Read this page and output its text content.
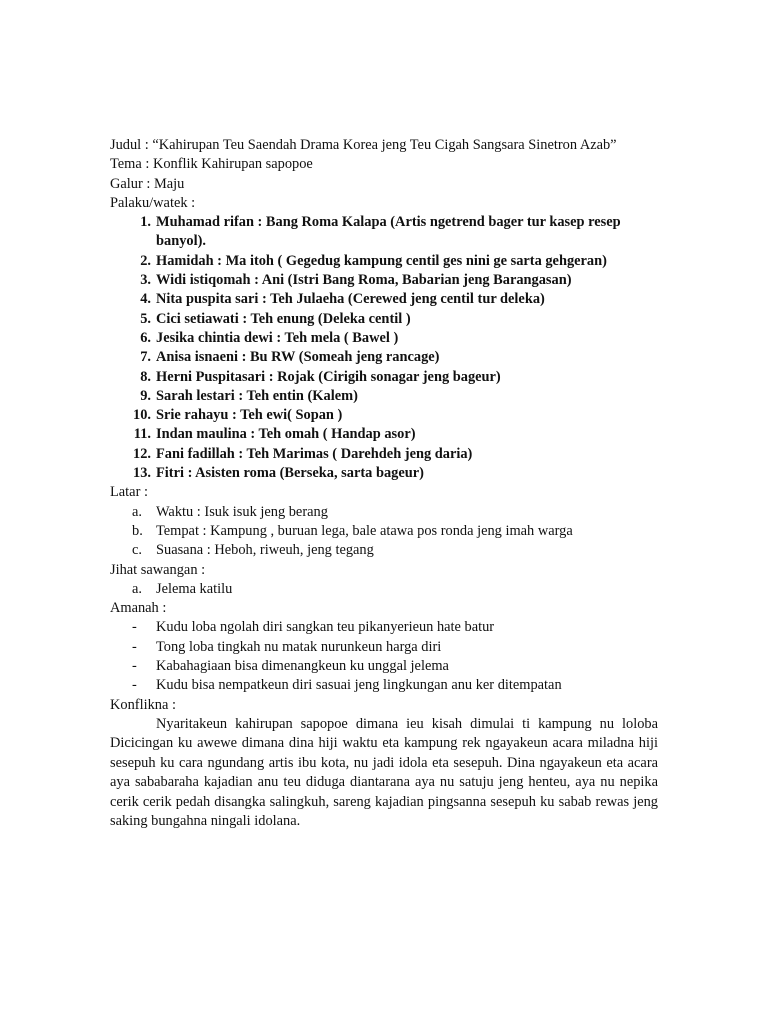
Judul : “Kahirupan Teu Saendah Drama Korea jeng Teu Cigah Sangsara Sinetron Azab”
Tema : Konflik Kahirupan sapopoe
Galur : Maju
Palaku/watek :
1. Muhamad rifan : Bang Roma Kalapa (Artis ngetrend bager tur kasep resep
banyol).
2. Hamidah : Ma itoh ( Gegedug kampung centil ges nini ge sarta gehgeran)
3. Widi istiqomah : Ani (Istri Bang Roma, Babarian jeng Barangasan)
4. Nita puspita sari : Teh Julaeha (Cerewed jeng centil tur deleka)
5. Cici setiawati : Teh enung (Deleka centil )
6. Jesika chintia dewi : Teh mela ( Bawel )
7. Anisa isnaeni : Bu RW (Someah jeng rancage)
8. Herni Puspitasari : Rojak (Cirigih sonagar jeng bageur)
9. Sarah lestari : Teh entin (Kalem)
10. Srie rahayu : Teh ewi( Sopan )
11. Indan maulina : Teh omah ( Handap asor)
12. Fani fadillah : Teh Marimas ( Darehdeh jeng daria)
13. Fitri : Asisten roma (Berseka, sarta bageur)
Latar :
a. Waktu : Isuk isuk jeng berang
b. Tempat : Kampung , buruan lega, bale atawa pos ronda jeng imah warga
c. Suasana : Heboh, riweuh, jeng tegang
Jihat sawangan :
a. Jelema katilu
Amanah :
- Kudu loba ngolah diri sangkan teu pikanyerieun hate batur
- Tong loba tingkah nu matak nurunkeun harga diri
- Kabahagiaan bisa dimenangkeun ku unggal jelema
- Kudu bisa nempatkeun diri sasuai jeng lingkungan anu ker ditempatan
Konflikna :
Nyaritakeun kahirupan sapopoe dimana ieu kisah dimulai ti kampung nu loloba Dicicingan ku awewe dimana dina hiji waktu eta kampung rek ngayakeun acara miladna hiji sesepuh ku cara ngundang artis ibu kota, nu jadi idola eta sesepuh. Dina ngayakeun eta acara aya sababaraha kajadian anu teu diduga diantarana aya nu satuju jeng henteu, aya nu nepika cerik cerik pedah disangka salingkuh, sareng kajadian pingsanna sesepuh ku sabab rewas jeng saking bungahna ningali idolana.
